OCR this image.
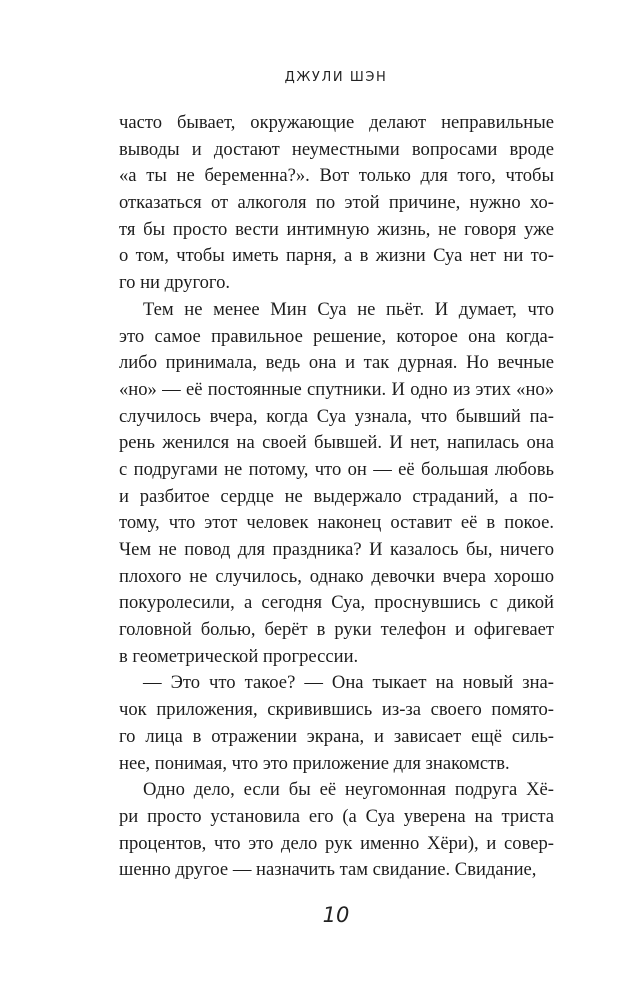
ДЖУЛИ ШЭН
часто бывает, окружающие делают неправильные
выводы и достают неуместными вопросами вроде
«а ты не беременна?». Вот только для того, чтобы
отказаться от алкоголя по этой причине, нужно хо-
тя бы просто вести интимную жизнь, не говоря уже
о том, чтобы иметь парня, а в жизни Суа нет ни то-
го ни другого.
Тем не менее Мин Суа не пьёт. И думает, что
это самое правильное решение, которое она когда-
либо принимала, ведь она и так дурная. Но вечные
«но» — её постоянные спутники. И одно из этих «но»
случилось вчера, когда Суа узнала, что бывший па-
рень женился на своей бывшей. И нет, напилась она
с подругами не потому, что он — её большая любовь
и разбитое сердце не выдержало страданий, а по-
тому, что этот человек наконец оставит её в покое.
Чем не повод для праздника? И казалось бы, ничего
плохого не случилось, однако девочки вчера хорошо
покуролесили, а сегодня Суа, проснувшись с дикой
головной болью, берёт в руки телефон и офигевает
в геометрической прогрессии.
— Это что такое? — Она тыкает на новый зна-
чок приложения, скривившись из-за своего помято-
го лица в отражении экрана, и зависает ещё силь-
нее, понимая, что это приложение для знакомств.
Одно дело, если бы её неугомонная подруга Хё-
ри просто установила его (а Суа уверена на триста
процентов, что это дело рук именно Хёри), и совер-
шенно другое — назначить там свидание. Свидание,
10
